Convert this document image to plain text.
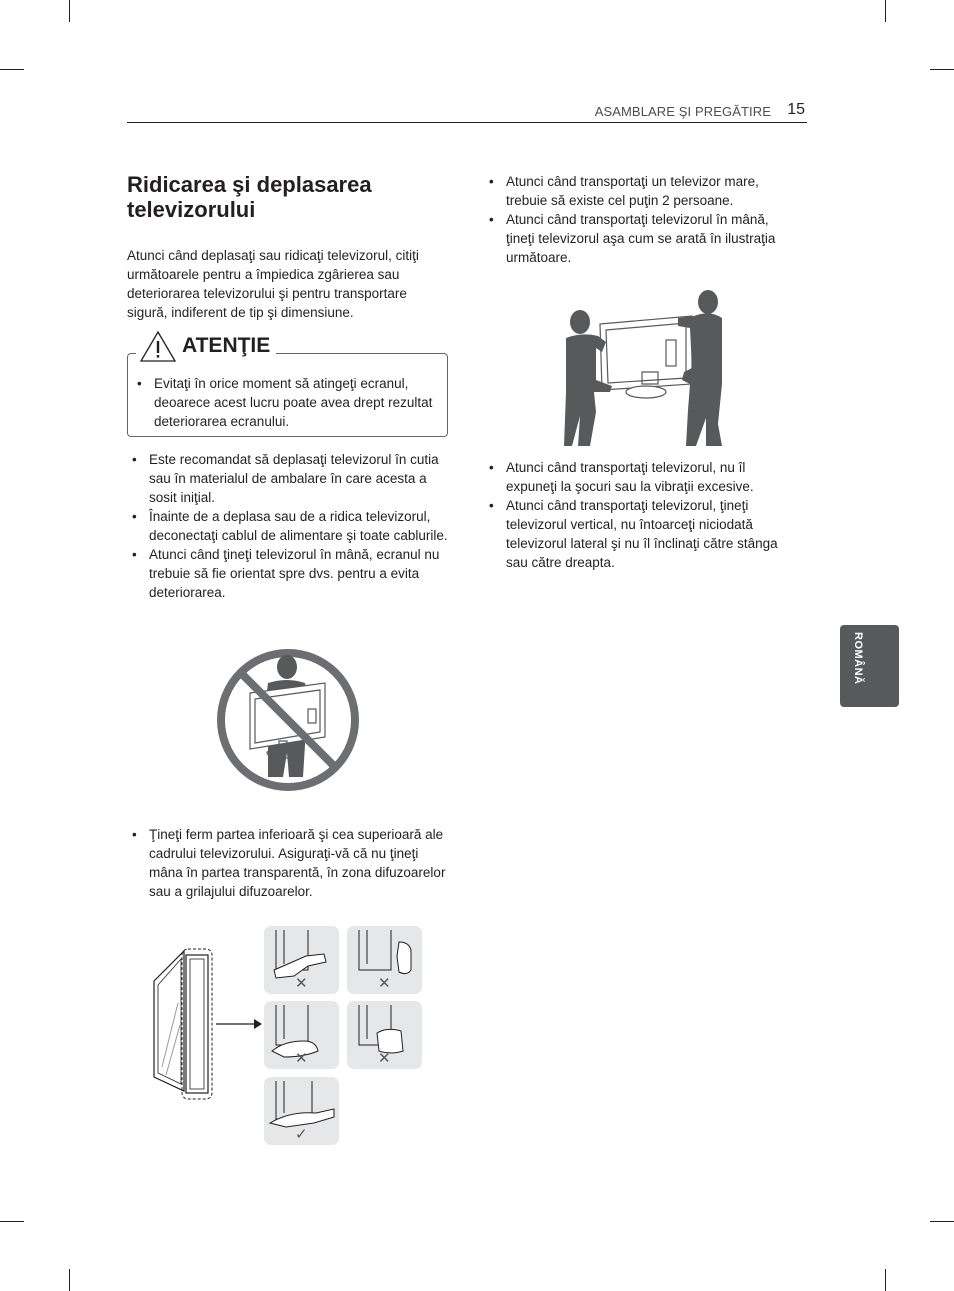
ASAMBLARE ŞI PREGĂTIRE 15
Ridicarea şi deplasarea televizorului

Atunci când deplasaţi sau ridicaţi televizorul, citiţi următoarele pentru a împiedica zgârierea sau deteriorarea televizorului şi pentru transportare sigură, indiferent de tip şi dimensiune.

• Evitaţi în orice moment să atingeţi ecranul, deoarece acest lucru poate avea drept rezultat deteriorarea ecranului.
ATENŢIE
• Este recomandat să deplasaţi televizorul în cutia sau în materialul de ambalare în care acesta a sosit iniţial.
• Înainte de a deplasa sau de a ridica televizorul, deconectaţi cablul de alimentare şi toate cablurile.
• Atunci când ţineţi televizorul în mână, ecranul nu trebuie să fie orientat spre dvs. pentru a evita deteriorarea.
• Ţineţi ferm partea inferioară şi cea superioară ale cadrului televizorului. Asiguraţi-vă că nu ţineţi mâna în partea transparentă, în zona difuzoarelor sau a grilajului difuzoarelor.
✕	✕
✕	✕
✓
• Atunci când transportaţi un televizor mare, trebuie să existe cel puţin 2 persoane.
• Atunci când transportaţi televizorul în mână, ţineţi televizorul aşa cum se arată în ilustraţia următoare.
• Atunci când transportaţi televizorul, nu îl expuneţi la şocuri sau la vibraţii excesive.
• Atunci când transportaţi televizorul, ţineţi televizorul vertical, nu întoarceţi niciodată televizorul lateral şi nu îl înclinaţi către stânga sau către dreapta.
ROMÂNĂ
